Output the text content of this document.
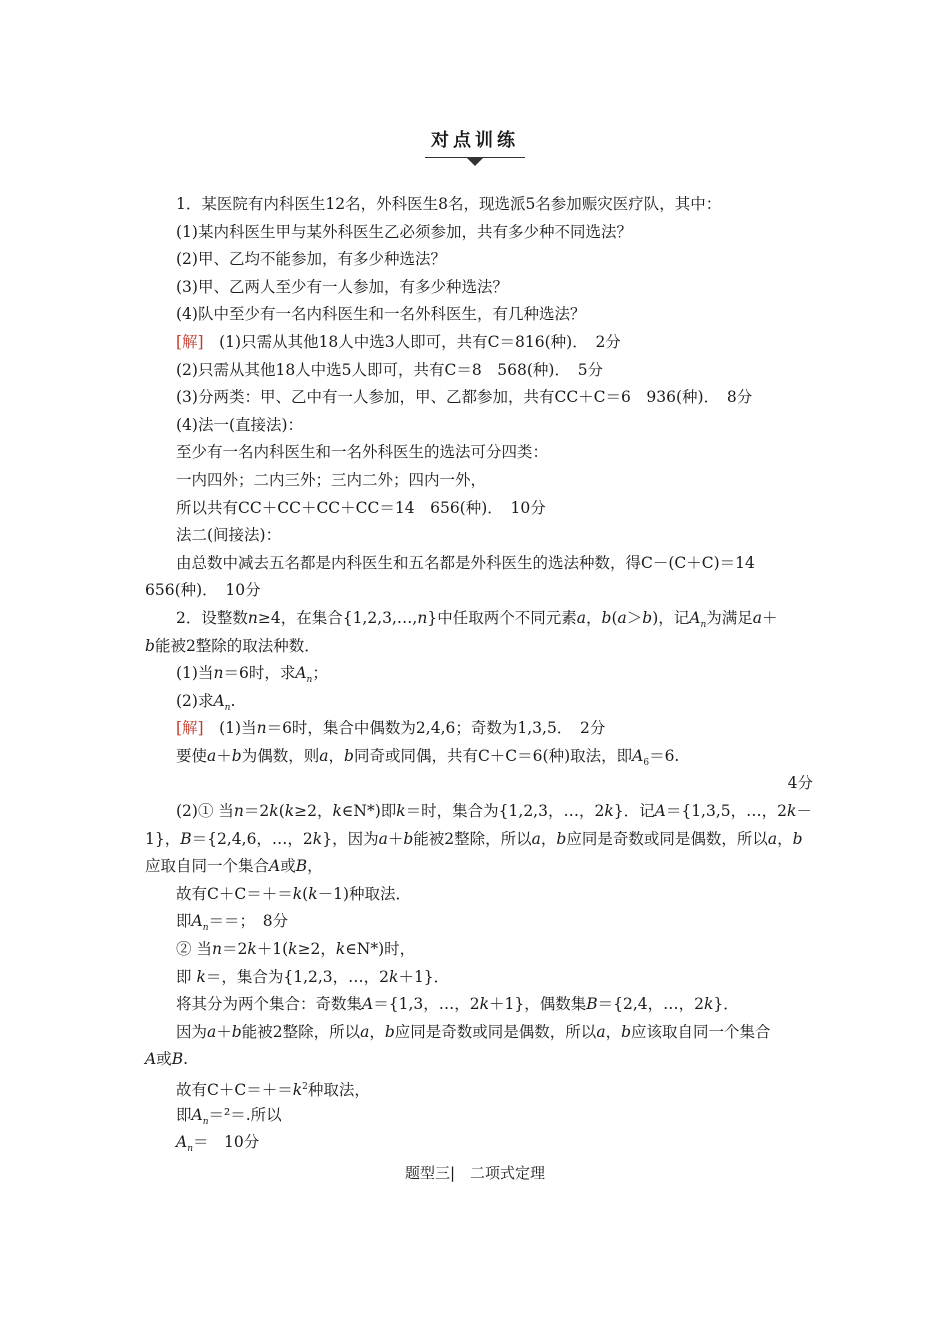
对点训练

1．某医院有内科医生12名，外科医生8名，现选派5名参加赈灾医疗队，其中：

(1)某内科医生甲与某外科医生乙必须参加，共有多少种不同选法？

(2)甲、乙均不能参加，有多少种选法？

(3)甲、乙两人至少有一人参加，有多少种选法？

(4)队中至少有一名内科医生和一名外科医生，有几种选法？

[解]　(1)只需从其他18人中选3人即可，共有C＝816(种)．　2分

(2)只需从其他18人中选5人即可，共有C＝8　568(种)．　5分

(3)分两类：甲、乙中有一人参加，甲、乙都参加，共有CC＋C＝6　936(种)．　8分

(4)法一(直接法)：

至少有一名内科医生和一名外科医生的选法可分四类：

一内四外；二内三外；三内二外；四内一外，

所以共有CC＋CC＋CC＋CC＝14　656(种)．　10分

法二(间接法)：

由总数中减去五名都是内科医生和五名都是外科医生的选法种数，得C－(C＋C)＝14

656(种)．　10分

2．设整数n≥4，在集合{1,2,3,…,n}中任取两个不同元素a，b(a＞b)，记$A_n$为满足a＋

b能被2整除的取法种数．

(1)当n＝6时，求$A_n$；

(2)求$A_n$.

[解]　(1)当n＝6时，集合中偶数为2,4,6；奇数为1,3,5．　2分

要使a＋b为偶数，则a，b同奇或同偶，共有C＋C＝6(种)取法，即$A_6=6$.

4分

(2)① 当n＝2k(k≥2，k∈N*)即k＝时，集合为{1,2,3，…，2k}．记A＝{1,3,5，…，2k－

1}，B＝{2,4,6，…，2k}，因为a＋b能被2整除，所以a，b应同是奇数或同是偶数，所以a，b

应取自同一个集合A或B，

故有C＋C＝＋＝k(k－1)种取法．

即$A_n==$；　8分

② 当n＝2k＋1(k≥2，k∈N*)时，

即 k＝，集合为{1,2,3，…，2k＋1}．

将其分为两个集合：奇数集A＝{1,3，…，2k＋1}，偶数集B＝{2,4，…，2k}．

因为a＋b能被2整除，所以a，b应同是奇数或同是偶数，所以a，b应该取自同一个集合

A或B.

故有$C+C=+=k^2$种取法，

即$A_n=^2=$.所以

$A_n=$　10分

题型三|　二项式定理
